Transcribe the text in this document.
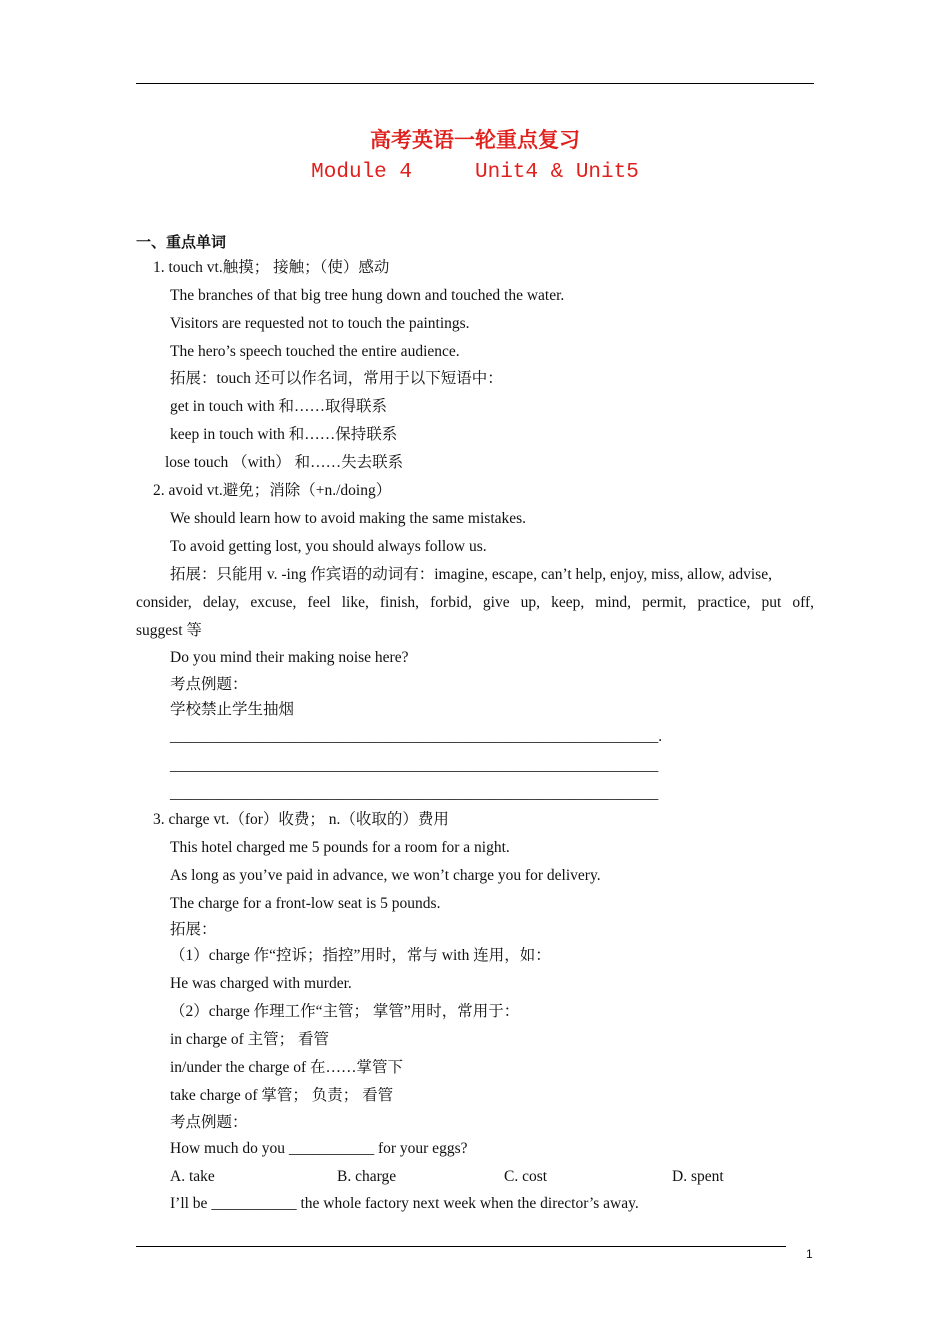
高考英语一轮重点复习
Module 4     Unit4 & Unit5
一、重点单词
1. touch vt.触摸； 接触；（使）感动
The branches of that big tree hung down and touched the water.
Visitors are requested not to touch the paintings.
The hero’s speech touched the entire audience.
拓展：touch 还可以作名词，常用于以下短语中：
get in touch with 和……取得联系
keep in touch with 和……保持联系
lose touch （with） 和……失去联系
2. avoid vt.避免；消除（+n./doing）
We should learn how to avoid making the same mistakes.
To avoid getting lost, you should always follow us.
拓展：只能用 v. -ing 作宾语的动词有：imagine, escape, can’t help, enjoy, miss, allow, advise,
consider, delay, excuse, feel like, finish, forbid, give up, keep, mind, permit, practice, put off,
suggest 等
Do you mind their making noise here?
考点例题：
学校禁止学生抽烟
_______________________________________________________________.
_______________________________________________________________
_______________________________________________________________
3. charge vt.（for）收费； n.（收取的）费用
This hotel charged me 5 pounds for a room for a night.
As long as you’ve paid in advance, we won’t charge you for delivery.
The charge for a front-low seat is 5 pounds.
拓展：
（1）charge 作“控诉；指控”用时，常与 with 连用，如：
He was charged with murder.
（2）charge 作理工作“主管； 掌管”用时，常用于：
in charge of 主管； 看管
in/under the charge of 在……掌管下
take charge of 掌管； 负责； 看管
考点例题：
How much do you ___________ for your eggs?
A. take	B. charge	C. cost	D. spent
I’ll be ___________ the whole factory next week when the director’s away.
1
